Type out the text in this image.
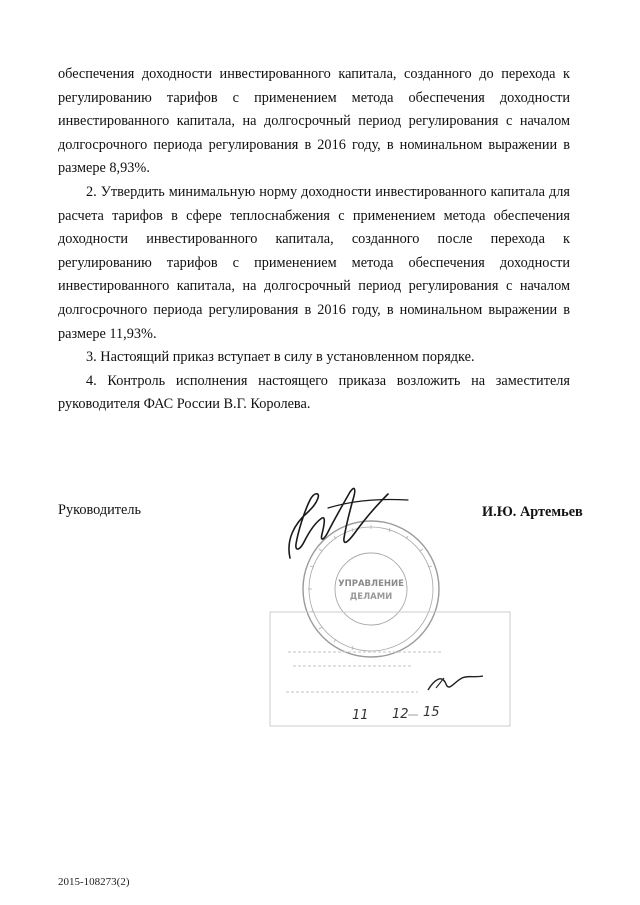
обеспечения доходности инвестированного капитала, созданного до перехода к регулированию тарифов с применением метода обеспечения доходности инвестированного капитала, на долгосрочный период регулирования с началом долгосрочного периода регулирования в 2016 году, в номинальном выражении в размере 8,93%.

2. Утвердить минимальную норму доходности инвестированного капитала для расчета тарифов в сфере теплоснабжения с применением метода обеспечения доходности инвестированного капитала, созданного после перехода к регулированию тарифов с применением метода обеспечения доходности инвестированного капитала, на долгосрочный период регулирования с началом долгосрочного периода регулирования в 2016 году, в номинальном выражении в размере 11,93%.

3. Настоящий приказ вступает в силу в установленном порядке.

4. Контроль исполнения настоящего приказа возложить на заместителя руководителя ФАС России В.Г. Королева.

Руководитель	И.Ю. Артемьев
УПРАВЛЕНИЕ
ДЕЛАМИ
11 12 15
2015-108273(2)
